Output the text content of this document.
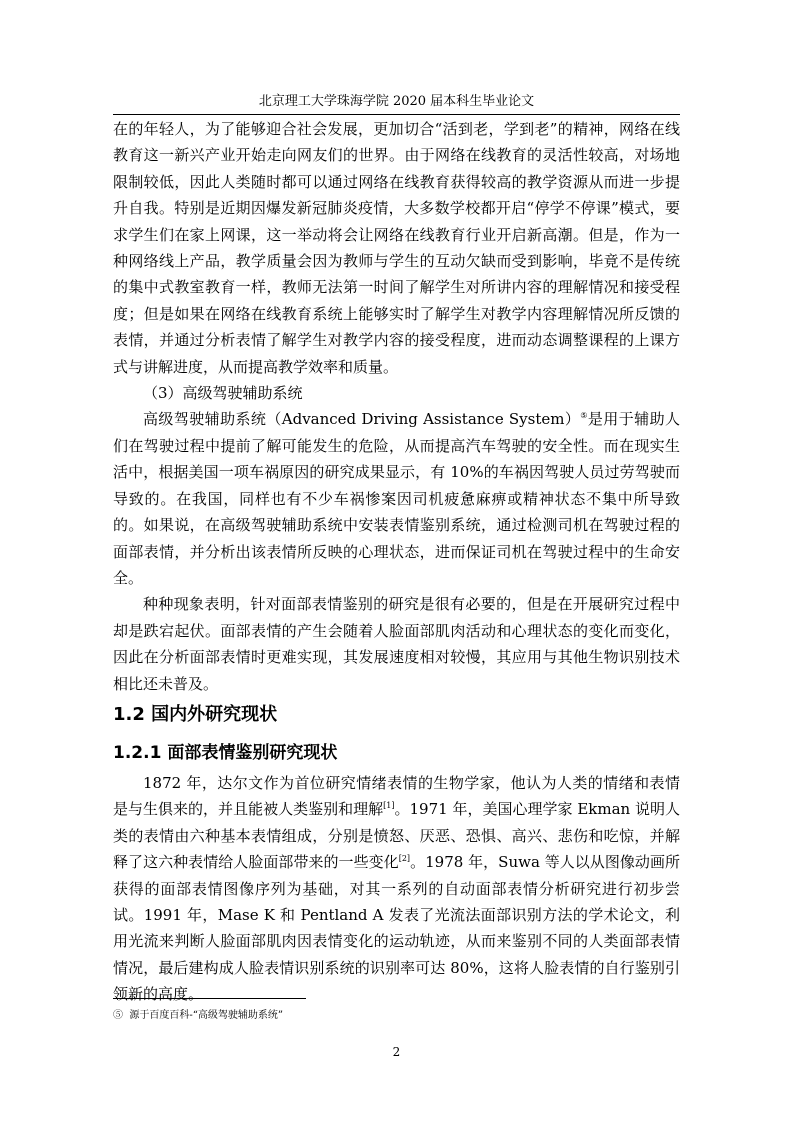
北京理工大学珠海学院 2020 届本科生毕业论文

在的年轻人，为了能够迎合社会发展，更加切合“活到老，学到老”的精神，网络在线教育这一新兴产业开始走向网友们的世界。由于网络在线教育的灵活性较高，对场地限制较低，因此人类随时都可以通过网络在线教育获得较高的教学资源从而进一步提升自我。特别是近期因爆发新冠肺炎疫情，大多数学校都开启“停学不停课”模式，要求学生们在家上网课，这一举动将会让网络在线教育行业开启新高潮。但是，作为一种网络线上产品，教学质量会因为教师与学生的互动欠缺而受到影响，毕竟不是传统的集中式教室教育一样，教师无法第一时间了解学生对所讲内容的理解情况和接受程度；但是如果在网络在线教育系统上能够实时了解学生对教学内容理解情况所反馈的表情，并通过分析表情了解学生对教学内容的接受程度，进而动态调整课程的上课方式与讲解进度，从而提高教学效率和质量。

（3）高级驾驶辅助系统

高级驾驶辅助系统（Advanced Driving Assistance System）⑤是用于辅助人们在驾驶过程中提前了解可能发生的危险，从而提高汽车驾驶的安全性。而在现实生活中，根据美国一项车祸原因的研究成果显示，有 10%的车祸因驾驶人员过劳驾驶而导致的。在我国，同样也有不少车祸惨案因司机疲惫麻痹或精神状态不集中所导致的。如果说，在高级驾驶辅助系统中安装表情鉴别系统，通过检测司机在驾驶过程的面部表情，并分析出该表情所反映的心理状态，进而保证司机在驾驶过程中的生命安全。

种种现象表明，针对面部表情鉴别的研究是很有必要的，但是在开展研究过程中却是跌宕起伏。面部表情的产生会随着人脸面部肌肉活动和心理状态的变化而变化，因此在分析面部表情时更难实现，其发展速度相对较慢，其应用与其他生物识别技术相比还未普及。

1.2 国内外研究现状
1.2.1 面部表情鉴别研究现状

1872 年，达尔文作为首位研究情绪表情的生物学家，他认为人类的情绪和表情是与生俱来的，并且能被人类鉴别和理解[1]。1971 年，美国心理学家 Ekman 说明人类的表情由六种基本表情组成，分别是愤怒、厌恶、恐惧、高兴、悲伤和吃惊，并解释了这六种表情给人脸面部带来的一些变化[2]。1978 年，Suwa 等人以从图像动画所获得的面部表情图像序列为基础，对其一系列的自动面部表情分析研究进行初步尝试。1991 年，Mase K 和 Pentland A 发表了光流法面部识别方法的学术论文，利用光流来判断人脸面部肌肉因表情变化的运动轨迹，从而来鉴别不同的人类面部表情情况，最后建构成人脸表情识别系统的识别率可达 80%，这将人脸表情的自行鉴别引领新的高度。

⑤ 源于百度百科-“高级驾驶辅助系统”
2
